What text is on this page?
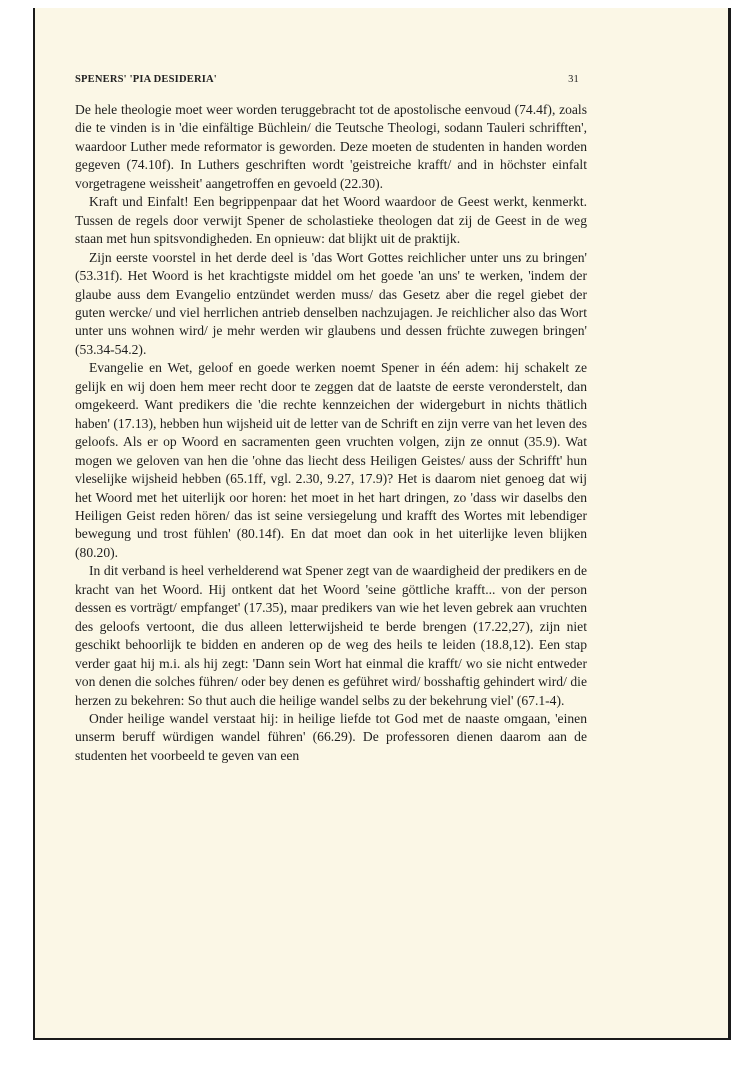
SPENERS' 'PIA DESIDERIA'	31

De hele theologie moet weer worden teruggebracht tot de apostolische eenvoud (74.4f), zoals die te vinden is in 'die einfältige Büchlein/ die Teutsche Theologi, sodann Tauleri schrifften', waardoor Luther mede reformator is geworden. Deze moeten de studenten in handen worden gegeven (74.10f). In Luthers geschriften wordt 'geistreiche krafft/ and in höchster einfalt vorgetragene weissheit' aangetroffen en gevoeld (22.30).

Kraft und Einfalt! Een begrippenpaar dat het Woord waardoor de Geest werkt, kenmerkt. Tussen de regels door verwijt Spener de scholastieke theologen dat zij de Geest in de weg staan met hun spitsvondigheden. En opnieuw: dat blijkt uit de praktijk.

Zijn eerste voorstel in het derde deel is 'das Wort Gottes reichlicher unter uns zu bringen' (53.31f). Het Woord is het krachtigste middel om het goede 'an uns' te werken, 'indem der glaube auss dem Evangelio entzündet werden muss/ das Gesetz aber die regel giebet der guten wercke/ und viel herrlichen antrieb denselben nachzujagen. Je reichlicher also das Wort unter uns wohnen wird/ je mehr werden wir glaubens und dessen früchte zuwegen bringen' (53.34-54.2).

Evangelie en Wet, geloof en goede werken noemt Spener in één adem: hij schakelt ze gelijk en wij doen hem meer recht door te zeggen dat de laatste de eerste veronderstelt, dan omgekeerd. Want predikers die 'die rechte kennzeichen der widergeburt in nichts thätlich haben' (17.13), hebben hun wijsheid uit de letter van de Schrift en zijn verre van het leven des geloofs. Als er op Woord en sacramenten geen vruchten volgen, zijn ze onnut (35.9). Wat mogen we geloven van hen die 'ohne das liecht dess Heiligen Geistes/ auss der Schrifft' hun vleselijke wijsheid hebben (65.1ff, vgl. 2.30, 9.27, 17.9)? Het is daarom niet genoeg dat wij het Woord met het uiterlijk oor horen: het moet in het hart dringen, zo 'dass wir daselbs den Heiligen Geist reden hören/ das ist seine versiegelung und krafft des Wortes mit lebendiger bewegung und trost fühlen' (80.14f). En dat moet dan ook in het uiterlijke leven blijken (80.20).

In dit verband is heel verhelderend wat Spener zegt van de waardigheid der predikers en de kracht van het Woord. Hij ontkent dat het Woord 'seine göttliche krafft... von der person dessen es vorträgt/ empfanget' (17.35), maar predikers van wie het leven gebrek aan vruchten des geloofs vertoont, die dus alleen letterwijsheid te berde brengen (17.22,27), zijn niet geschikt behoorlijk te bidden en anderen op de weg des heils te leiden (18.8,12). Een stap verder gaat hij m.i. als hij zegt: 'Dann sein Wort hat einmal die krafft/ wo sie nicht entweder von denen die solches führen/ oder bey denen es geführet wird/ bosshaftig gehindert wird/ die herzen zu bekehren: So thut auch die heilige wandel selbs zu der bekehrung viel' (67.1-4).

Onder heilige wandel verstaat hij: in heilige liefde tot God met de naaste omgaan, 'einen unserm beruff würdigen wandel führen' (66.29). De professoren dienen daarom aan de studenten het voorbeeld te geven van een
